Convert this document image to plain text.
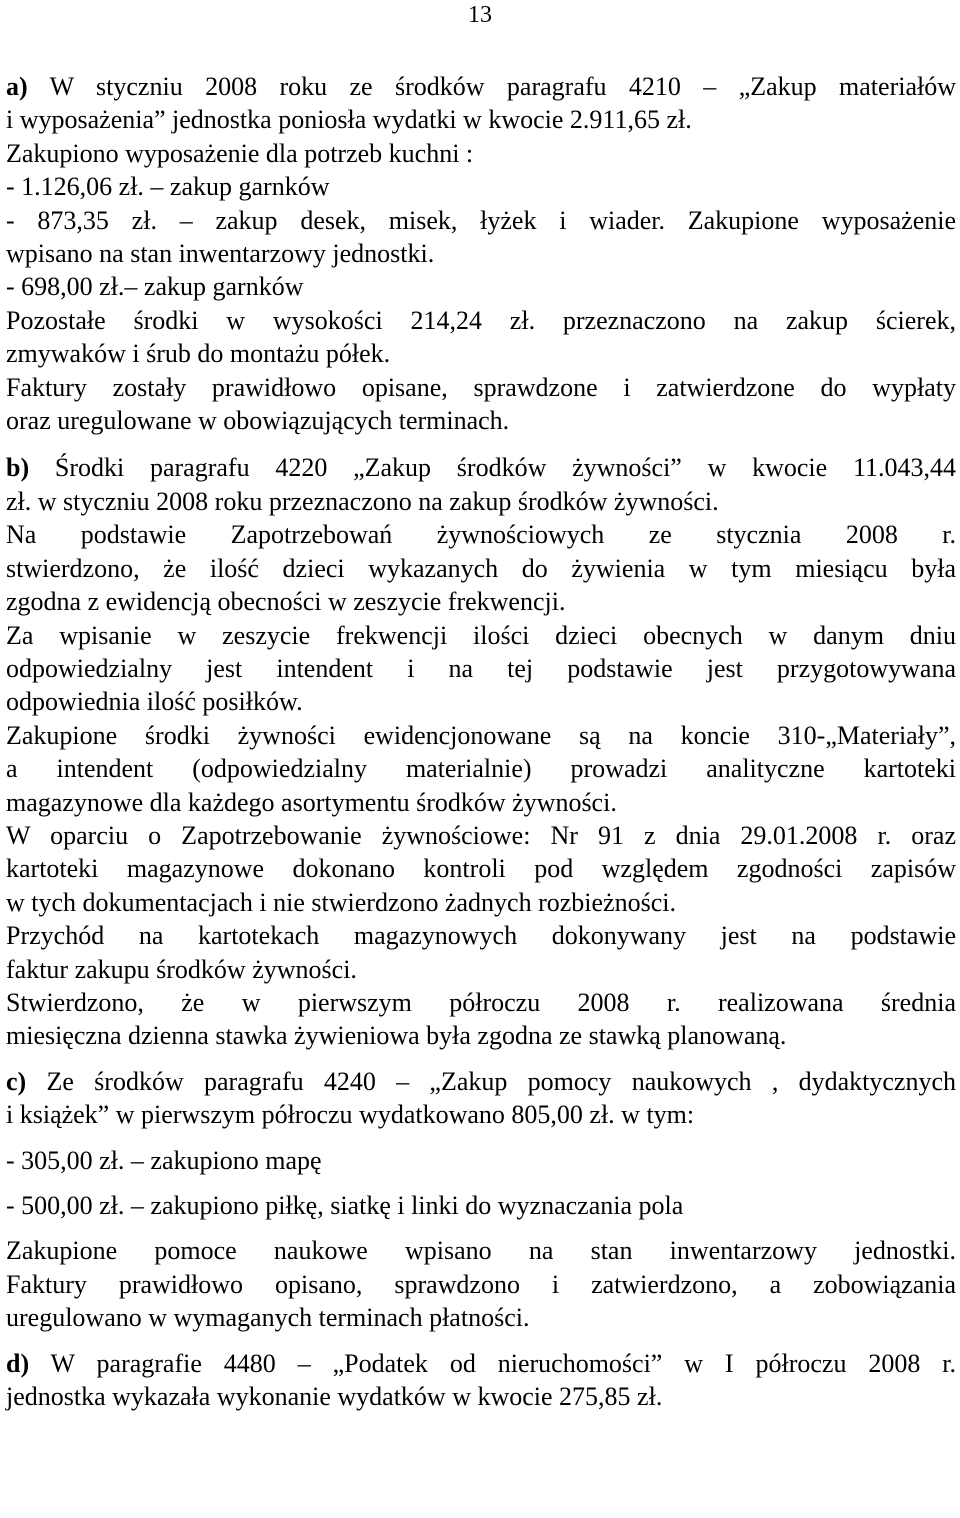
13
a) W styczniu 2008 roku ze środków paragrafu 4210 – „Zakup materiałów
i wyposażenia” jednostka poniosła wydatki w kwocie 2.911,65 zł.
Zakupiono wyposażenie dla potrzeb kuchni :
- 1.126,06 zł. – zakup garnków
- 873,35 zł. – zakup desek, misek, łyżek i wiader. Zakupione wyposażenie
wpisano na stan inwentarzowy jednostki.
- 698,00 zł.– zakup garnków
Pozostałe środki w wysokości 214,24 zł. przeznaczono na zakup ścierek,
zmywaków i śrub do montażu półek.
Faktury zostały prawidłowo opisane, sprawdzone i zatwierdzone do wypłaty
oraz uregulowane w obowiązujących terminach.
b) Środki paragrafu 4220 „Zakup środków żywności” w kwocie 11.043,44
zł. w styczniu 2008 roku przeznaczono na zakup środków żywności.
Na podstawie Zapotrzebowań żywnościowych ze stycznia 2008 r.
stwierdzono, że ilość dzieci wykazanych do żywienia w tym miesiącu była
zgodna z ewidencją obecności w zeszycie frekwencji.
Za wpisanie w zeszycie frekwencji ilości dzieci obecnych w danym dniu
odpowiedzialny jest intendent i na tej podstawie jest przygotowywana
odpowiednia ilość posiłków.
Zakupione środki żywności ewidencjonowane są na koncie 310-„Materiały”,
a intendent (odpowiedzialny materialnie) prowadzi analityczne kartoteki
magazynowe dla każdego asortymentu środków żywności.
W oparciu o Zapotrzebowanie żywnościowe: Nr 91 z dnia 29.01.2008 r. oraz
kartoteki magazynowe dokonano kontroli pod względem zgodności zapisów
w tych dokumentacjach i nie stwierdzono żadnych rozbieżności.
Przychód na kartotekach magazynowych dokonywany jest na podstawie
faktur zakupu środków żywności.
Stwierdzono, że w pierwszym półroczu 2008 r. realizowana średnia
miesięczna dzienna stawka żywieniowa była zgodna ze stawką planowaną.
c) Ze środków paragrafu 4240 – „Zakup pomocy naukowych , dydaktycznych
i książek” w pierwszym półroczu wydatkowano 805,00 zł. w tym:
- 305,00 zł. – zakupiono mapę
- 500,00 zł. – zakupiono piłkę, siatkę i linki do wyznaczania pola
Zakupione pomoce naukowe wpisano na stan inwentarzowy jednostki.
Faktury prawidłowo opisano, sprawdzono i zatwierdzono, a zobowiązania
uregulowano w wymaganych terminach płatności.
d) W paragrafie 4480 – „Podatek od nieruchomości” w I półroczu 2008 r.
jednostka wykazała wykonanie wydatków w kwocie 275,85 zł.
